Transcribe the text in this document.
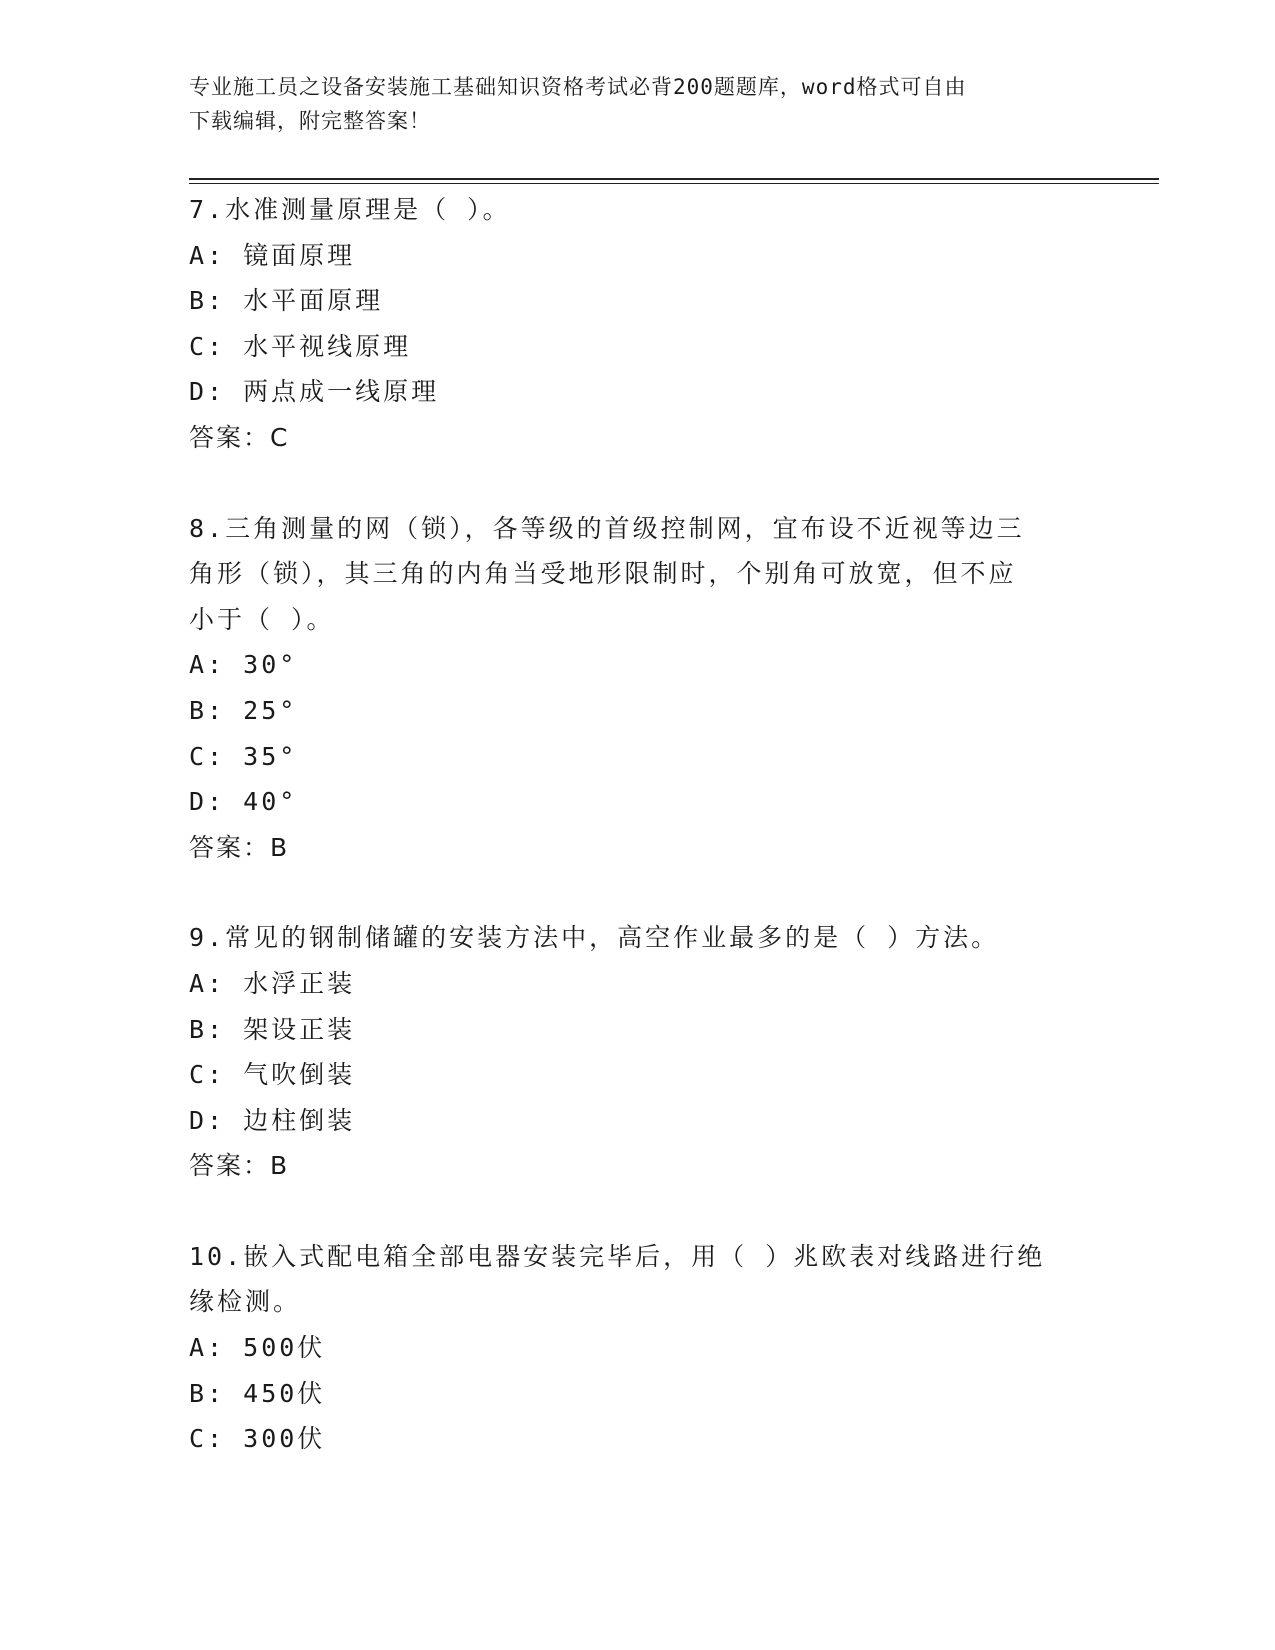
专业施工员之设备安装施工基础知识资格考试必背200题题库，word格式可自由
下载编辑，附完整答案！
7.水准测量原理是（ ）。
A: 镜面原理
B: 水平面原理
C: 水平视线原理
D: 两点成一线原理
答案：C
8.三角测量的网（锁），各等级的首级控制网，宜布设不近视等边三
角形（锁），其三角的内角当受地形限制时，个别角可放宽，但不应
小于（ ）。
A: 30°
B: 25°
C: 35°
D: 40°
答案：B
9.常见的钢制储罐的安装方法中，高空作业最多的是（ ）方法。
A: 水浮正装
B: 架设正装
C: 气吹倒装
D: 边柱倒装
答案：B
10.嵌入式配电箱全部电器安装完毕后，用（ ）兆欧表对线路进行绝
缘检测。
A: 500伏
B: 450伏
C: 300伏
